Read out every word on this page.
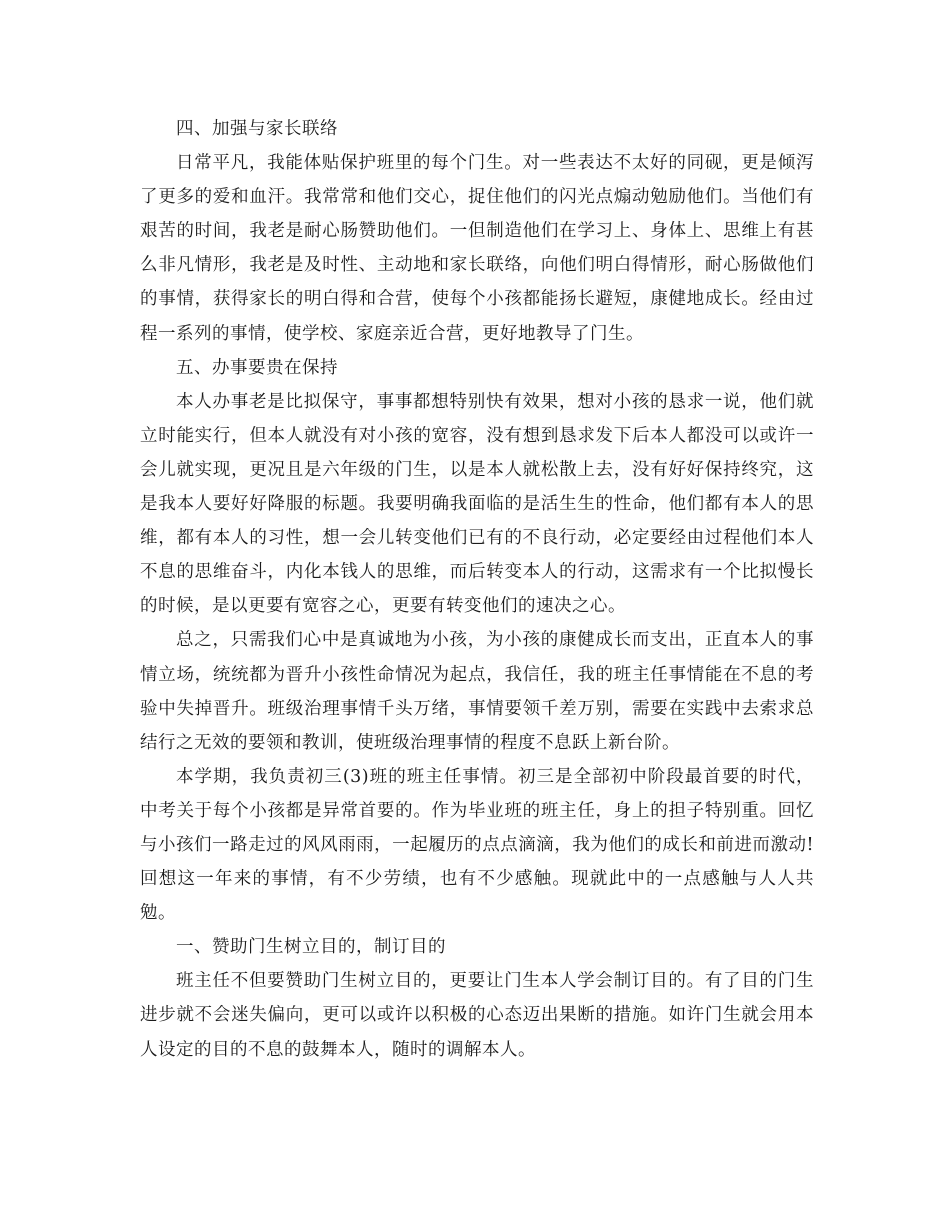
四、加强与家长联络

日常平凡，我能体贴保护班里的每个门生。对一些表达不太好的同砚，更是倾泻了更多的爱和血汗。我常常和他们交心，捉住他们的闪光点煽动勉励他们。当他们有艰苦的时间，我老是耐心肠赞助他们。一但制造他们在学习上、身体上、思维上有甚么非凡情形，我老是及时性、主动地和家长联络，向他们明白得情形，耐心肠做他们的事情，获得家长的明白得和合营，使每个小孩都能扬长避短，康健地成长。经由过程一系列的事情，使学校、家庭亲近合营，更好地教导了门生。

五、办事要贵在保持

本人办事老是比拟保守，事事都想特别快有效果，想对小孩的恳求一说，他们就立时能实行，但本人就没有对小孩的宽容，没有想到恳求发下后本人都没可以或许一会儿就实现，更况且是六年级的门生，以是本人就松散上去，没有好好保持终究，这是我本人要好好降服的标题。我要明确我面临的是活生生的性命，他们都有本人的思维，都有本人的习性，想一会儿转变他们已有的不良行动，必定要经由过程他们本人不息的思维奋斗，内化本钱人的思维，而后转变本人的行动，这需求有一个比拟慢长的时候，是以更要有宽容之心，更要有转变他们的速决之心。

总之，只需我们心中是真诚地为小孩，为小孩的康健成长而支出，正直本人的事情立场，统统都为晋升小孩性命情况为起点，我信任，我的班主任事情能在不息的考验中失掉晋升。班级治理事情千头万绪，事情要领千差万别，需要在实践中去索求总结行之无效的要领和教训，使班级治理事情的程度不息跃上新台阶。

本学期，我负责初三(3)班的班主任事情。初三是全部初中阶段最首要的时代，中考关于每个小孩都是异常首要的。作为毕业班的班主任，身上的担子特别重。回忆与小孩们一路走过的风风雨雨，一起履历的点点滴滴，我为他们的成长和前进而激动!回想这一年来的事情，有不少劳绩，也有不少感触。现就此中的一点感触与人人共勉。

一、赞助门生树立目的，制订目的

班主任不但要赞助门生树立目的，更要让门生本人学会制订目的。有了目的门生进步就不会迷失偏向，更可以或许以积极的心态迈出果断的措施。如许门生就会用本人设定的目的不息的鼓舞本人，随时的调解本人。
